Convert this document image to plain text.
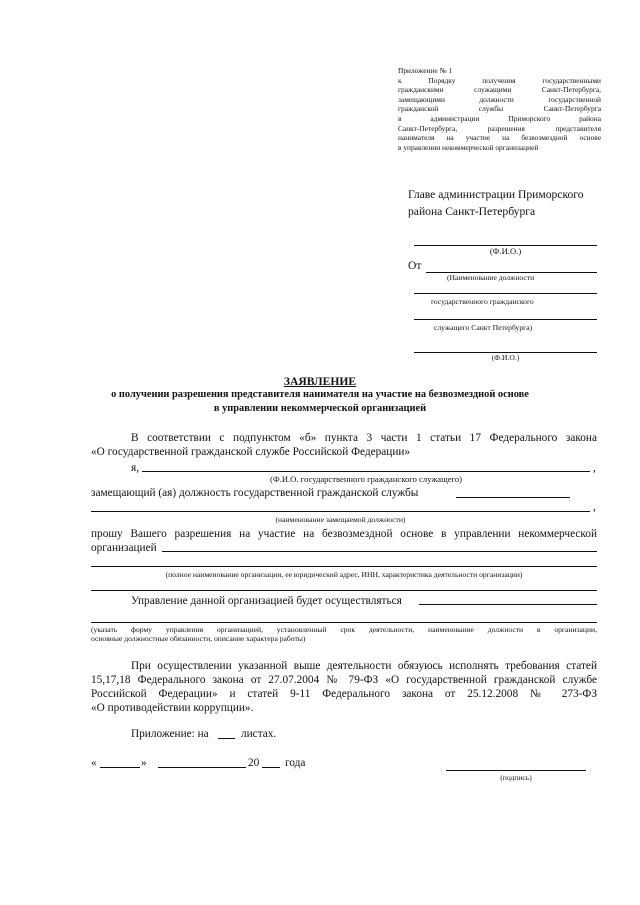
Приложение № 1
к Порядку получения государственными
гражданскими служащими Санкт-Петербурга,
замещающими должности государственной
гражданской службы Санкт-Петербурга
в администрации Приморского района
Санкт-Петербурга, разрешения представителя
нанимателя на участие на безвозмездной основе
в управлении некоммерческой организацией
Главе администрации Приморского
района Санкт-Петербурга
(Ф.И.О.)
От
(Наименование должности
государственного гражданского
служащего Санкт Петербурга)
(Ф.И.О.)
ЗАЯВЛЕНИЕ
о получении разрешения представителя нанимателя на участие на безвозмездной основе
в управлении некоммерческой организацией
В соответствии с подпунктом «б» пункта 3 части 1 статьи 17 Федерального закона
«О государственной гражданской службе Российской Федерации»
я,	,
(Ф.И.О. государственного гражданского служащего)
замещающий (ая) должность государственной гражданской службы
,
(наименование замещаемой должности)
прошу Вашего разрешения на участие на безвозмездной основе в управлении некоммерческой
организацией
(полное наименование организации, ее юридический адрес, ИНН, характеристика деятельности организации)
Управление данной организацией будет осуществляться
(указать форму управления организацией, установленный срок деятельности, наименование должности в организации,
основные должностные обязанности, описание характера работы)
При осуществлении указанной выше деятельности обязуюсь исполнять требования статей
15,17,18 Федерального закона от 27.07.2004 № 79-ФЗ «О государственной гражданской службе
Российской Федерации» и статей 9-11 Федерального закона от 25.12.2008 № 273-ФЗ
«О противодействии коррупции».
Приложение: на	листах.
«	»	20 года
(подпись)
